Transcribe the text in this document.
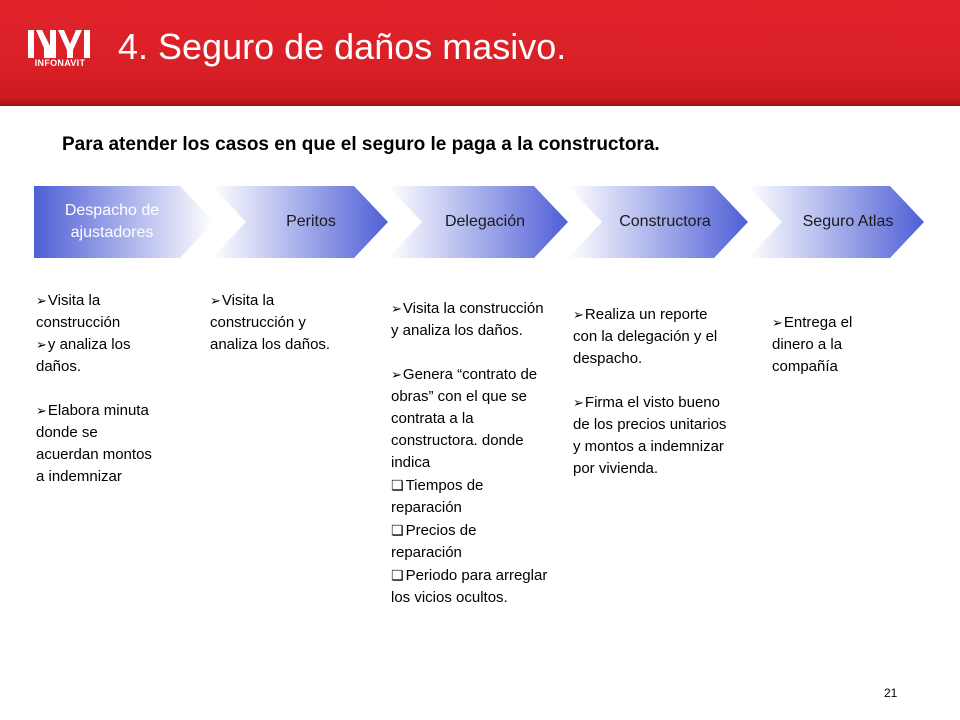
INFONAVIT 4. Seguro de daños masivo.
Para atender los casos en que el seguro le paga a la constructora.
Despacho de ajustadores
Peritos	Delegación	Constructora	Seguro Atlas

➢Visita la construcción

➢y analiza los daños.

➢Elabora minuta donde se acuerdan montos a indemnizar

➢Visita la construcción y analiza los daños.

➢Visita la construcción y analiza los daños.

➢Genera “contrato de obras” con el que se contrata a la constructora. donde indica

❏ Tiempos de reparación

❏ Precios de reparación

❏ Periodo para arreglar los vicios ocultos.

➢Realiza un reporte con la delegación y el despacho.

➢Firma el visto bueno de los precios unitarios y montos a indemnizar por vivienda.

➢Entrega el dinero a la compañía

21
